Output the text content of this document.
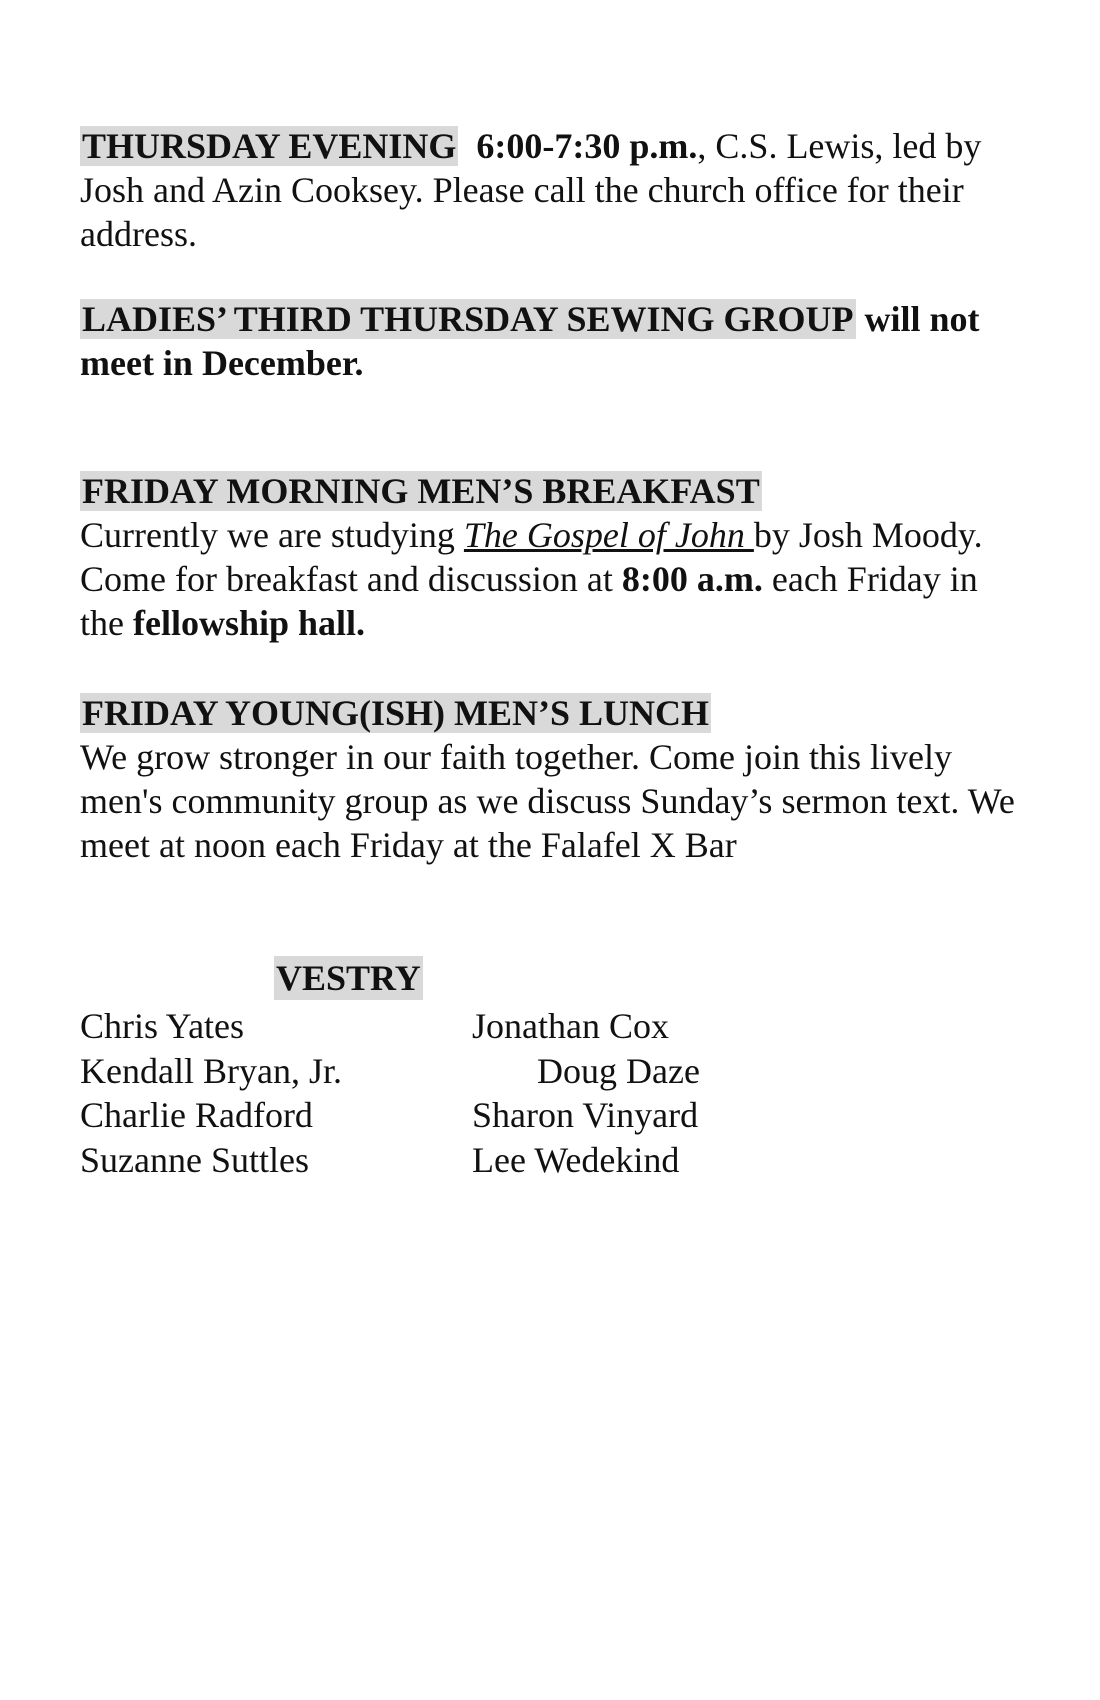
THURSDAY EVENING 6:00-7:30 p.m., C.S. Lewis, led by Josh and Azin Cooksey. Please call the church office for their address.
LADIES’ THIRD THURSDAY SEWING GROUP will not meet in December.
FRIDAY MORNING MEN’S BREAKFAST
Currently we are studying The Gospel of John by Josh Moody. Come for breakfast and discussion at 8:00 a.m. each Friday in the fellowship hall.
FRIDAY YOUNG(ISH) MEN’S LUNCH
We grow stronger in our faith together. Come join this lively men's community group as we discuss Sunday’s sermon text. We meet at noon each Friday at the Falafel X Bar
VESTRY
Chris Yates
Kendall Bryan, Jr.
Charlie Radford
Suzanne Suttles
Jonathan Cox
Doug Daze
Sharon Vinyard
Lee Wedekind
